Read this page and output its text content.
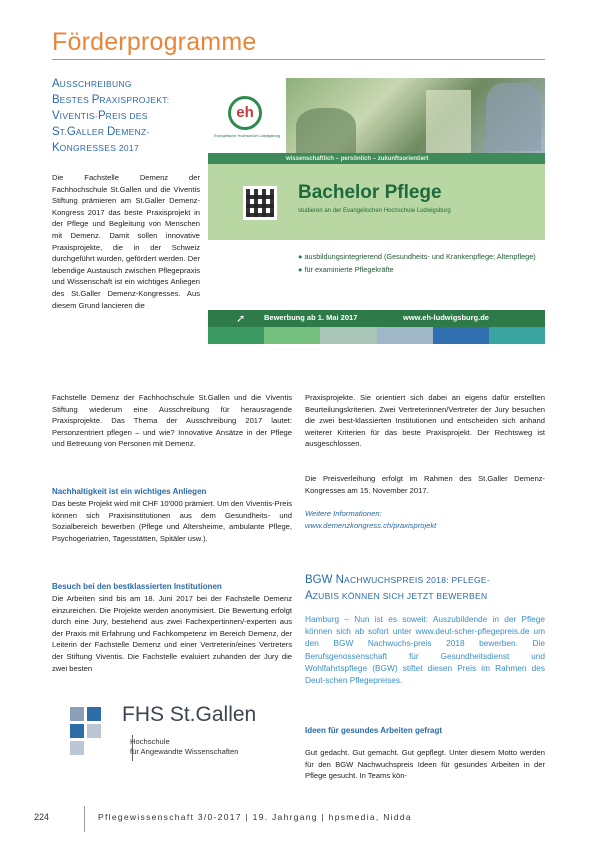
Förderprogramme
AUSSCHREIBUNG
BESTES PRAXISPROJEKT:
VIVENTIS-PREIS DES
ST.GALLER DEMENZ-
KONGRESSES 2017

Die Fachstelle Demenz der Fachhochschule St.Gallen und die Viventis Stiftung prämieren am St.Galler Demenz-Kongress 2017 das beste Praxisprojekt in der Pflege und Begleitung von Menschen mit Demenz. Damit sollen innovative Praxisprojekte, die in der Schweiz durchgeführt wurden, gefördert werden. Der lebendige Austausch zwischen Pflegepraxis und Wissenschaft ist ein wichtiges Anliegen des St.Galler Demenz-Kongresses. Aus diesem Grund lancieren die

Fachstelle Demenz der Fachhochschule St.Gallen und die Viventis Stiftung wiederum eine Ausschreibung für herausragende Praxisprojekte. Das Thema der Ausschreibung 2017 lautet: Personzentriert pflegen – und wie? Innovative Ansätze in der Pflege und Betreuung von Personen mit Demenz.

Nachhaltigkeit ist ein wichtiges Anliegen

Das beste Projekt wird mit CHF 10'000 prämiert. Um den Viventis-Preis können sich Praxisinstitutionen aus dem Gesundheits- und Sozialbereich bewerben (Pflege und Altersheime, ambulante Pflege, Psychogeriatrien, Tagesstätten, Spitäler usw.).

Besuch bei den bestklassierten Institutionen

Die Arbeiten sind bis am 18. Juni 2017 bei der Fachstelle Demenz einzureichen. Die Projekte werden anonymisiert. Die Bewertung erfolgt durch eine Jury, bestehend aus zwei Fachexpertinnen/-experten aus der Praxis mit Erfahrung und Fachkompetenz im Bereich Demenz, der Leiterin der Fachstelle Demenz und einer Vertreterin/eines Vertreters der Stiftung Viventis. Die Fachstelle evaluiert zuhanden der Jury die zwei besten

Praxisprojekte. Sie orientiert sich dabei an eigens dafür erstellten Beurteilungskriterien. Zwei Vertreterinnen/Vertreter der Jury besuchen die zwei best-klassierten Institutionen und entscheiden sich anhand weiterer Kriterien für das beste Praxisprojekt. Der Rechtsweg ist ausgeschlossen.

Die Preisverleihung erfolgt im Rahmen des St.Galler Demenz-Kongresses am 15. November 2017.

Weitere Informationen:
www.demenzkongress.ch/praxisprojekt
BGW NACHWUCHSPREIS 2018: PFLEGE-
AZUBIS KÖNNEN SICH JETZT BEWERBEN

Hamburg – Nun ist es soweit: Auszubildende in der Pflege können sich ab sofort unter www.deut-scher-pflegepreis.de um den BGW Nachwuchs-preis 2018 bewerben. Die Berufsgenossenschaft für Gesundheitsdienst und Wohlfahrtspflege (BGW) stiftet diesen Preis im Rahmen des Deut-schen Pflegepreises.

Ideen für gesundes Arbeiten gefragt

Gut gedacht. Gut gemacht. Gut gepflegt. Unter diesem Motto werden für den BGW Nachwuchspreis Ideen für gesundes Arbeiten in der Pflege gesucht. In Teams kön-

eh
Evangelische Hochschule Ludwigsburg
wissenschaftlich – persönlich – zukunftsorientiert
Bachelor Pflege
studieren an der Evangelischen Hochschule Ludwigsburg
● ausbildungsintegrierend (Gesundheits- und Krankenpflege; Altenpflege)
● für examinierte Pflegekräfte
➚	Bewerbung ab 1. Mai 2017	www.eh-ludwigsburg.de
FHS St.Gallen
Hochschule
für Angewandte Wissenschaften
224	Pflegewissenschaft 3/0-2017 | 19. Jahrgang | hpsmedia, Nidda
